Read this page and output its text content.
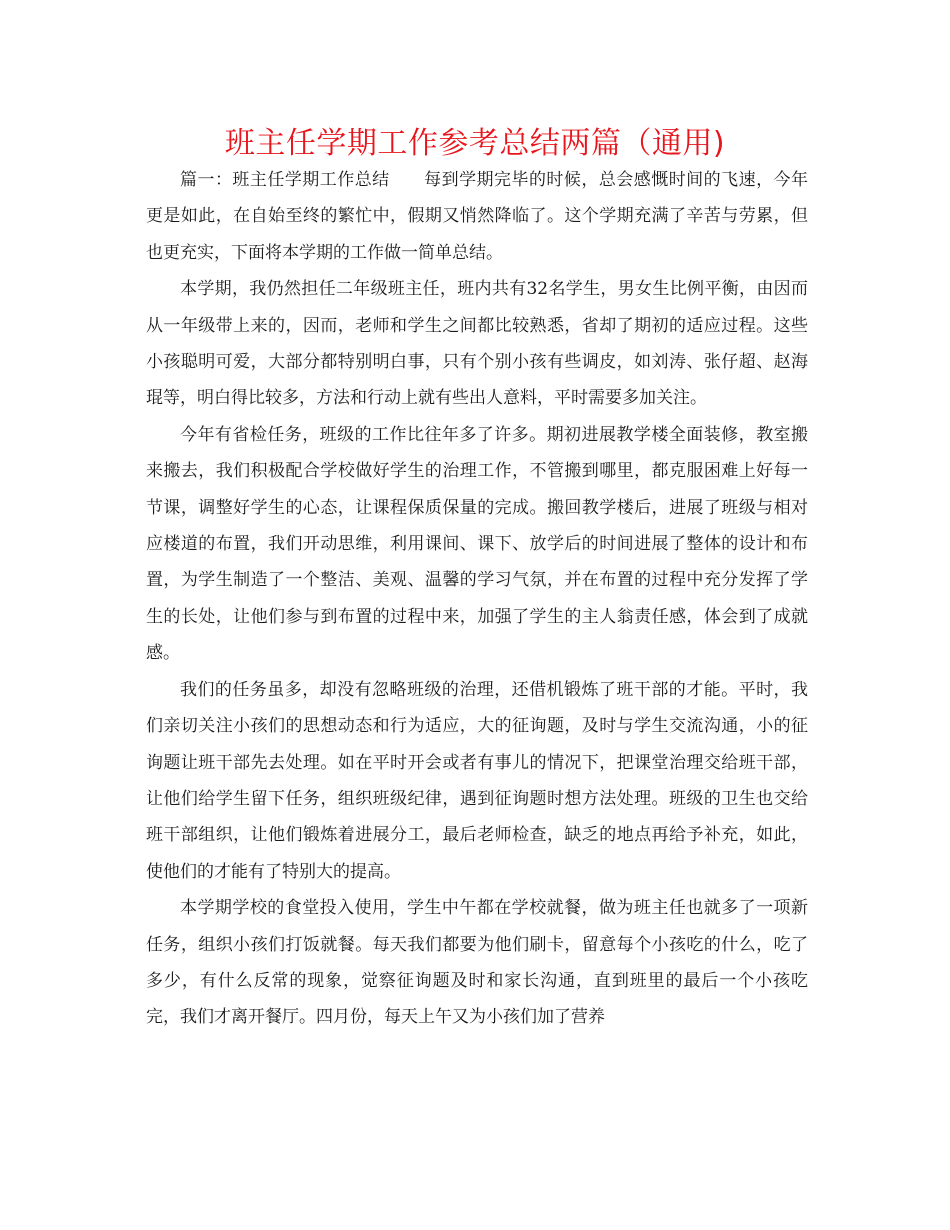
班主任学期工作参考总结两篇（通用)

篇一：班主任学期工作总结 每到学期完毕的时候，总会感慨时间的飞速，今年更是如此，在自始至终的繁忙中，假期又悄然降临了。这个学期充满了辛苦与劳累，但也更充实，下面将本学期的工作做一简单总结。

本学期，我仍然担任二年级班主任，班内共有32名学生，男女生比例平衡，由因而从一年级带上来的，因而，老师和学生之间都比较熟悉，省却了期初的适应过程。这些小孩聪明可爱，大部分都特别明白事，只有个别小孩有些调皮，如刘涛、张仔超、赵海琨等，明白得比较多，方法和行动上就有些出人意料，平时需要多加关注。

今年有省检任务，班级的工作比往年多了许多。期初进展教学楼全面装修，教室搬来搬去，我们积极配合学校做好学生的治理工作，不管搬到哪里，都克服困难上好每一节课，调整好学生的心态，让课程保质保量的完成。搬回教学楼后，进展了班级与相对应楼道的布置，我们开动思维，利用课间、课下、放学后的时间进展了整体的设计和布置，为学生制造了一个整洁、美观、温馨的学习气氛，并在布置的过程中充分发挥了学生的长处，让他们参与到布置的过程中来，加强了学生的主人翁责任感，体会到了成就感。

我们的任务虽多，却没有忽略班级的治理，还借机锻炼了班干部的才能。平时，我们亲切关注小孩们的思想动态和行为适应，大的征询题，及时与学生交流沟通，小的征询题让班干部先去处理。如在平时开会或者有事儿的情况下，把课堂治理交给班干部，让他们给学生留下任务，组织班级纪律，遇到征询题时想方法处理。班级的卫生也交给班干部组织，让他们锻炼着进展分工，最后老师检查，缺乏的地点再给予补充，如此，使他们的才能有了特别大的提高。

本学期学校的食堂投入使用，学生中午都在学校就餐，做为班主任也就多了一项新任务，组织小孩们打饭就餐。每天我们都要为他们刷卡，留意每个小孩吃的什么，吃了多少，有什么反常的现象，觉察征询题及时和家长沟通，直到班里的最后一个小孩吃完，我们才离开餐厅。四月份，每天上午又为小孩们加了营养
